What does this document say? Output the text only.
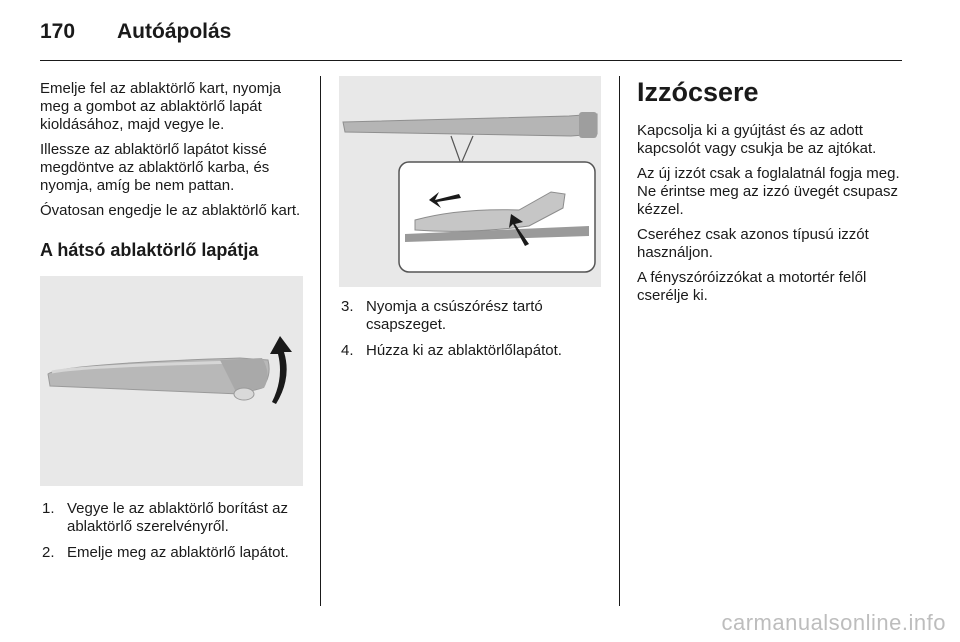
170	Autóápolás

Emelje fel az ablaktörlő kart, nyomja meg a gombot az ablaktörlő lapát kioldásához, majd vegye le.

Illessze az ablaktörlő lapátot kissé megdöntve az ablaktörlő karba, és nyomja, amíg be nem pattan.

Óvatosan engedje le az ablaktörlő kart.

A hátsó ablaktörlő lapátja
1. Vegye le az ablaktörlő borítást az ablaktörlő szerelvényről.
2. Emelje meg az ablaktörlő lapátot.
3. Nyomja a csúszórész tartó csapszeget.
4. Húzza ki az ablaktörlőlapátot.
Izzócsere

Kapcsolja ki a gyújtást és az adott kapcsolót vagy csukja be az ajtókat.

Az új izzót csak a foglalatnál fogja meg. Ne érintse meg az izzó üvegét csupasz kézzel.

Cseréhez csak azonos típusú izzót használjon.

A fényszóróizzókat a motortér felől cserélje ki.

carmanualsonline.info
